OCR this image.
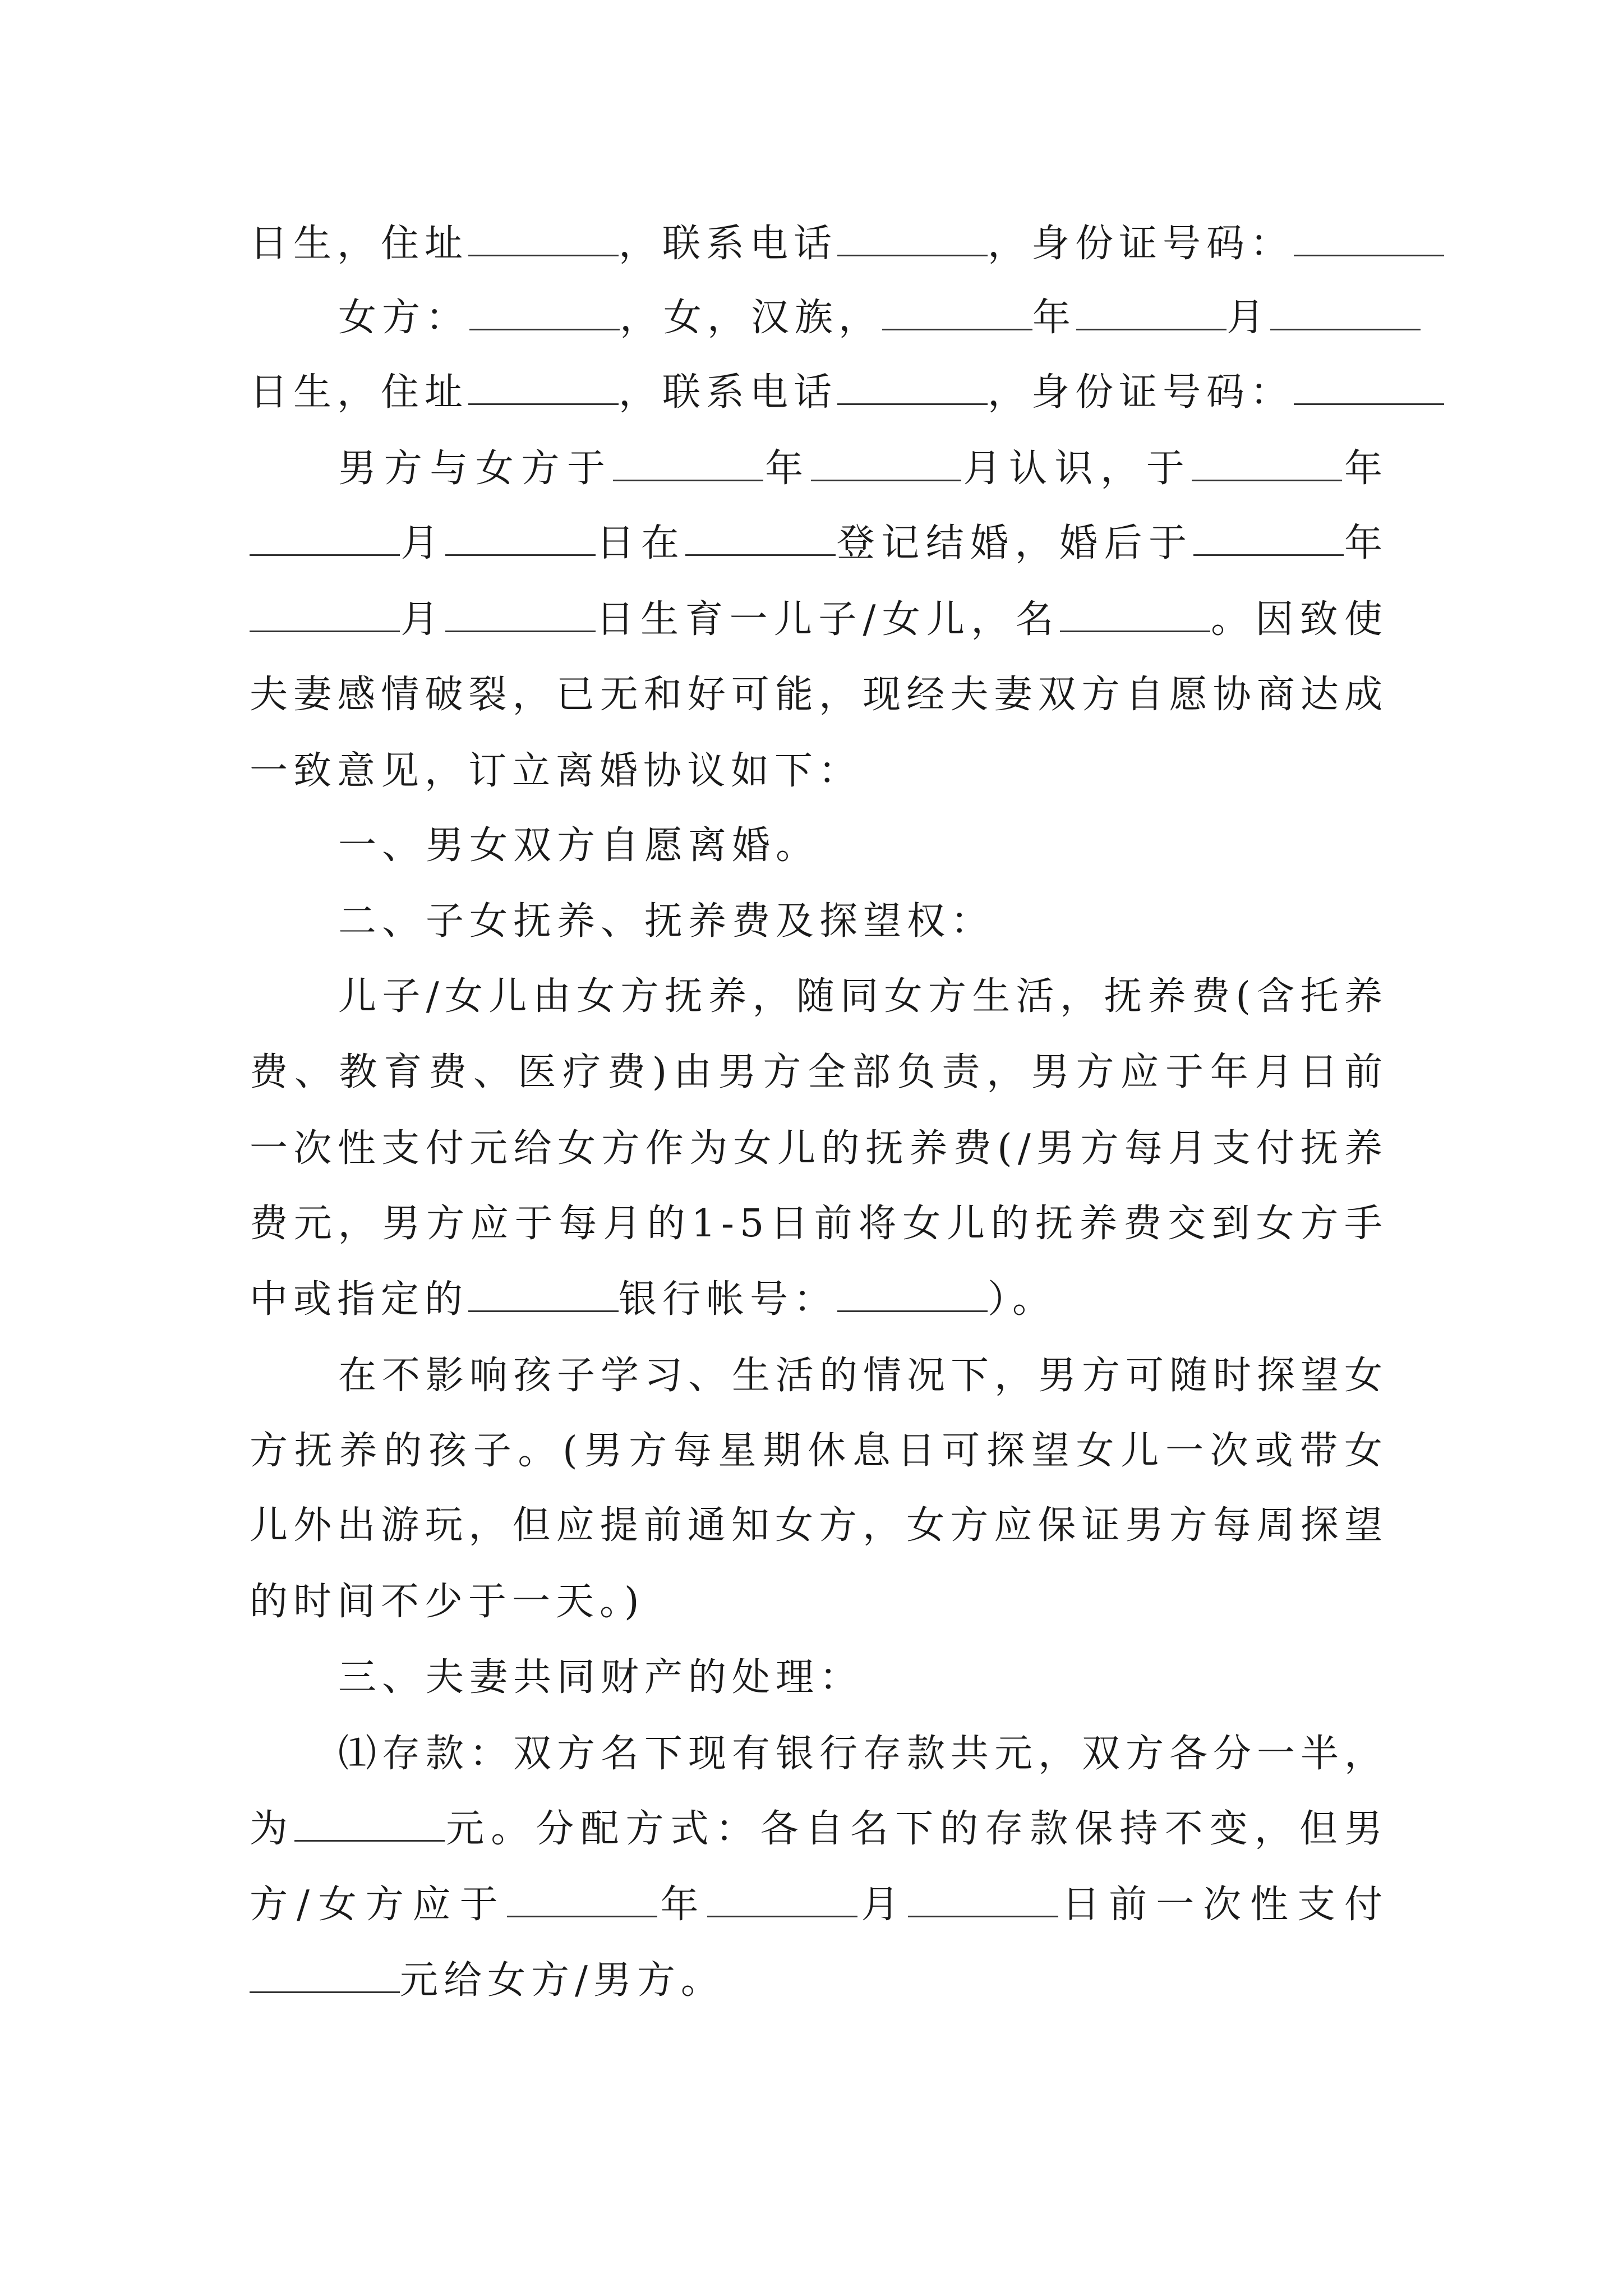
日生，住址	，联系电话	，身份证号码：
女方：	，女，汉族，	年	月
日生，住址	，联系电话	，身份证号码：
男方与女方于	年	月认识，于	年
月	日在	登记结婚，婚后于	年
月	日生育一儿子/女儿，名	。因致使
夫妻感情破裂，已无和好可能，现经夫妻双方自愿协商达成
一致意见，订立离婚协议如下：
一、男女双方自愿离婚。
二、子女抚养、抚养费及探望权：
儿子/女儿由女方抚养，随同女方生活，抚养费(含托养
费、教育费、医疗费)由男方全部负责，男方应于年月日前
一次性支付元给女方作为女儿的抚养费(/男方每月支付抚养
费元，男方应于每月的1-5日前将女儿的抚养费交到女方手
中或指定的	银行帐号：	）。
在不影响孩子学习、生活的情况下，男方可随时探望女
方抚养的孩子。(男方每星期休息日可探望女儿一次或带女
儿外出游玩，但应提前通知女方，女方应保证男方每周探望
的时间不少于一天。)
三、夫妻共同财产的处理：
⑴存款：双方名下现有银行存款共元，双方各分一半，
为	元。分配方式：各自名下的存款保持不变，但男
方/女方应于	年	月	日前一次性支付
元给女方/男方。
